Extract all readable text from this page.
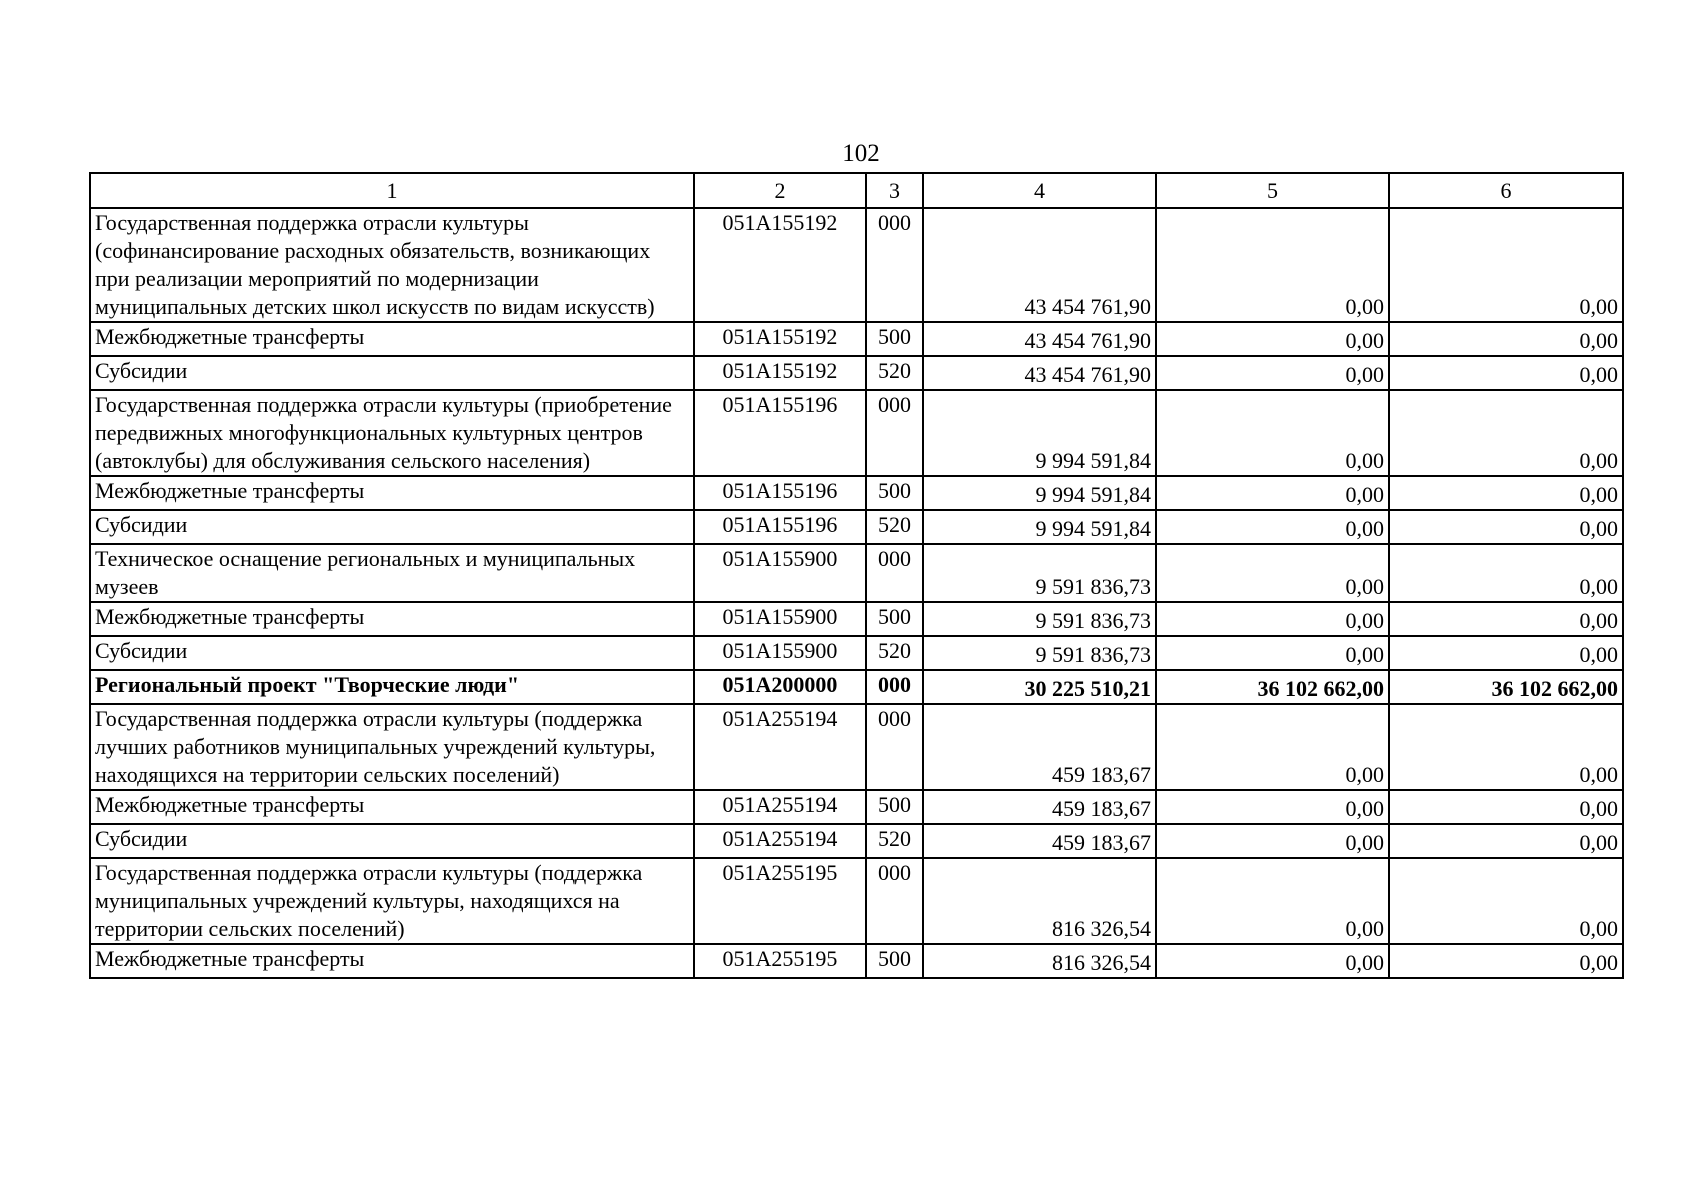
102
1	2	3	4	5	6
Государственная поддержка отрасли культуры (софинансирование расходных обязательств, возникающих при реализации мероприятий по модернизации муниципальных детских школ искусств по видам искусств)	051A155192	000	43 454 761,90	0,00	0,00
Межбюджетные трансферты	051A155192	500	43 454 761,90	0,00	0,00
Субсидии	051A155192	520	43 454 761,90	0,00	0,00
Государственная поддержка отрасли культуры (приобретение передвижных многофункциональных культурных центров (автоклубы) для обслуживания сельского населения)	051A155196	000	9 994 591,84	0,00	0,00
Межбюджетные трансферты	051A155196	500	9 994 591,84	0,00	0,00
Субсидии	051A155196	520	9 994 591,84	0,00	0,00
Техническое оснащение региональных и муниципальных музеев	051A155900	000	9 591 836,73	0,00	0,00
Межбюджетные трансферты	051A155900	500	9 591 836,73	0,00	0,00
Субсидии	051A155900	520	9 591 836,73	0,00	0,00
Региональный проект "Творческие люди"	051A200000	000	30 225 510,21	36 102 662,00	36 102 662,00
Государственная поддержка отрасли культуры (поддержка лучших работников муниципальных учреждений культуры, находящихся на территории сельских поселений)	051A255194	000	459 183,67	0,00	0,00
Межбюджетные трансферты	051A255194	500	459 183,67	0,00	0,00
Субсидии	051A255194	520	459 183,67	0,00	0,00
Государственная поддержка отрасли культуры (поддержка муниципальных учреждений культуры, находящихся на территории сельских поселений)	051A255195	000	816 326,54	0,00	0,00
Межбюджетные трансферты	051A255195	500	816 326,54	0,00	0,00
